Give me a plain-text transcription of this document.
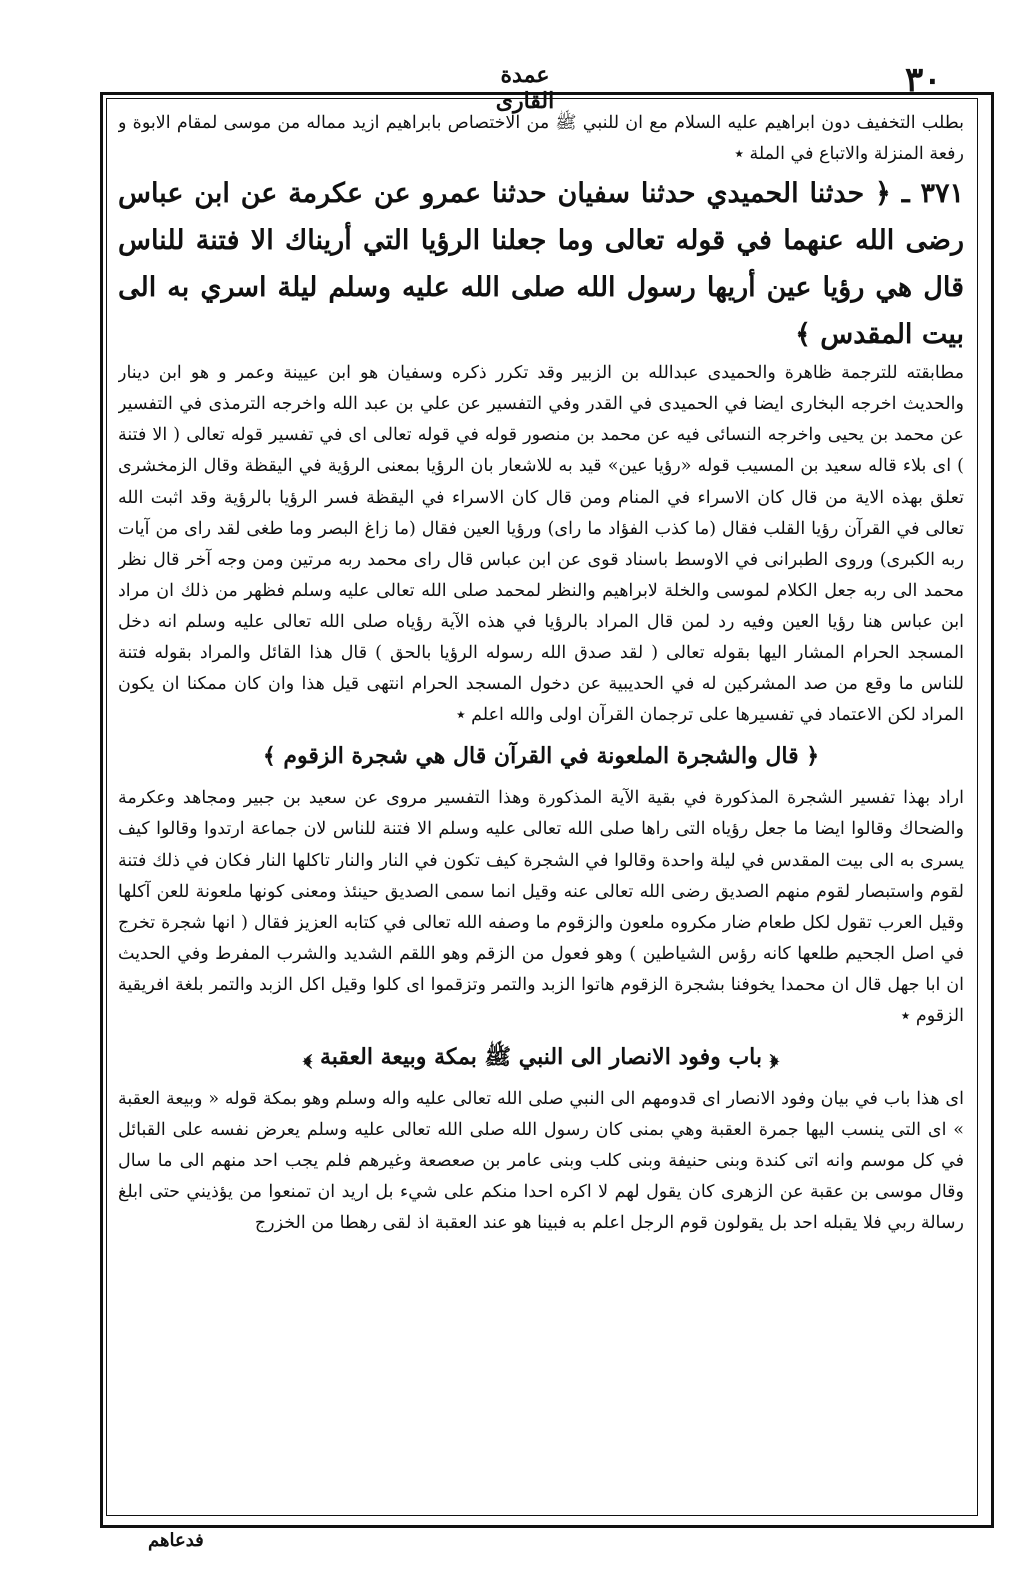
۳۰
عمدة القارى

بطلب التخفيف دون ابراهيم عليه السلام مع ان للنبي ﷺ من الاختصاص بابراهيم ازيد مماله من موسى لمقام الابوة و رفعة المنزلة والاتباع في الملة ٭

٣٧١ ـ ﴿ حدثنا الحميدي حدثنا سفيان حدثنا عمرو عن عكرمة عن ابن عباس رضى الله عنهما في قوله تعالى وما جعلنا الرؤيا التي أريناك الا فتنة للناس قال هي رؤيا عين أريها رسول الله صلى الله عليه وسلم ليلة اسري به الى بيت المقدس ﴾

مطابقته للترجمة ظاهرة والحميدى عبدالله بن الزبير وقد تكرر ذكره وسفيان هو ابن عيينة وعمر و هو ابن دينار والحديث اخرجه البخارى ايضا في الحميدى في القدر وفي التفسير عن علي بن عبد الله واخرجه الترمذى في التفسير عن محمد بن يحيى واخرجه النسائى فيه عن محمد بن منصور قوله في قوله تعالى اى في تفسير قوله تعالى ( الا فتنة ) اى بلاء قاله سعيد بن المسيب قوله «رؤيا عين» قيد به للاشعار بان الرؤيا بمعنى الرؤية في اليقظة وقال الزمخشرى تعلق بهذه الاية من قال كان الاسراء في المنام ومن قال كان الاسراء في اليقظة فسر الرؤيا بالرؤية وقد اثبت الله تعالى في القرآن رؤيا القلب فقال (ما كذب الفؤاد ما راى) ورؤيا العين فقال (ما زاغ البصر وما طغى لقد راى من آيات ربه الكبرى) وروى الطبرانى في الاوسط باسناد قوى عن ابن عباس قال راى محمد ربه مرتين ومن وجه آخر قال نظر محمد الى ربه جعل الكلام لموسى والخلة لابراهيم والنظر لمحمد صلى الله تعالى عليه وسلم فظهر من ذلك ان مراد ابن عباس هنا رؤيا العين وفيه رد لمن قال المراد بالرؤيا في هذه الآية رؤياه صلى الله تعالى عليه وسلم انه دخل المسجد الحرام المشار اليها بقوله تعالى ( لقد صدق الله رسوله الرؤيا بالحق ) قال هذا القائل والمراد بقوله فتنة للناس ما وقع من صد المشركين له في الحديبية عن دخول المسجد الحرام انتهى قيل هذا وان كان ممكنا ان يكون المراد لكن الاعتماد في تفسيرها على ترجمان القرآن اولى والله اعلم ٭

﴿ قال والشجرة الملعونة في القرآن قال هي شجرة الزقوم ﴾

اراد بهذا تفسير الشجرة المذكورة في بقية الآية المذكورة وهذا التفسير مروى عن سعيد بن جبير ومجاهد وعكرمة والضحاك وقالوا ايضا ما جعل رؤياه التى راها صلى الله تعالى عليه وسلم الا فتنة للناس لان جماعة ارتدوا وقالوا كيف يسرى به الى بيت المقدس في ليلة واحدة وقالوا في الشجرة كيف تكون في النار والنار تاكلها النار فكان في ذلك فتنة لقوم واستبصار لقوم منهم الصديق رضى الله تعالى عنه وقيل انما سمى الصديق حينئذ ومعنى كونها ملعونة للعن آكلها وقيل العرب تقول لكل طعام ضار مكروه ملعون والزقوم ما وصفه الله تعالى في كتابه العزيز فقال ( انها شجرة تخرج في اصل الجحيم طلعها كانه رؤس الشياطين ) وهو فعول من الزقم وهو اللقم الشديد والشرب المفرط وفي الحديث ان ابا جهل قال ان محمدا يخوفنا بشجرة الزقوم هاتوا الزبد والتمر وتزقموا اى كلوا وقيل اكل الزبد والتمر بلغة افريقية الزقوم ٭

﴿ باب وفود الانصار الى النبي ﷺ بمكة وبيعة العقبة ﴾

اى هذا باب في بيان وفود الانصار اى قدومهم الى النبي صلى الله تعالى عليه واله وسلم وهو بمكة قوله « وبيعة العقبة » اى التى ينسب اليها جمرة العقبة وهي بمنى كان رسول الله صلى الله تعالى عليه وسلم يعرض نفسه على القبائل في كل موسم وانه اتى كندة وبنى حنيفة وبنى كلب وبنى عامر بن صعصعة وغيرهم فلم يجب احد منهم الى ما سال وقال موسى بن عقبة عن الزهرى كان يقول لهم لا اكره احدا منكم على شيء بل اريد ان تمنعوا من يؤذيني حتى ابلغ رسالة ربي فلا يقبله احد بل يقولون قوم الرجل اعلم به فبينا هو عند العقبة اذ لقى رهطا من الخزرج

فدعاهم
